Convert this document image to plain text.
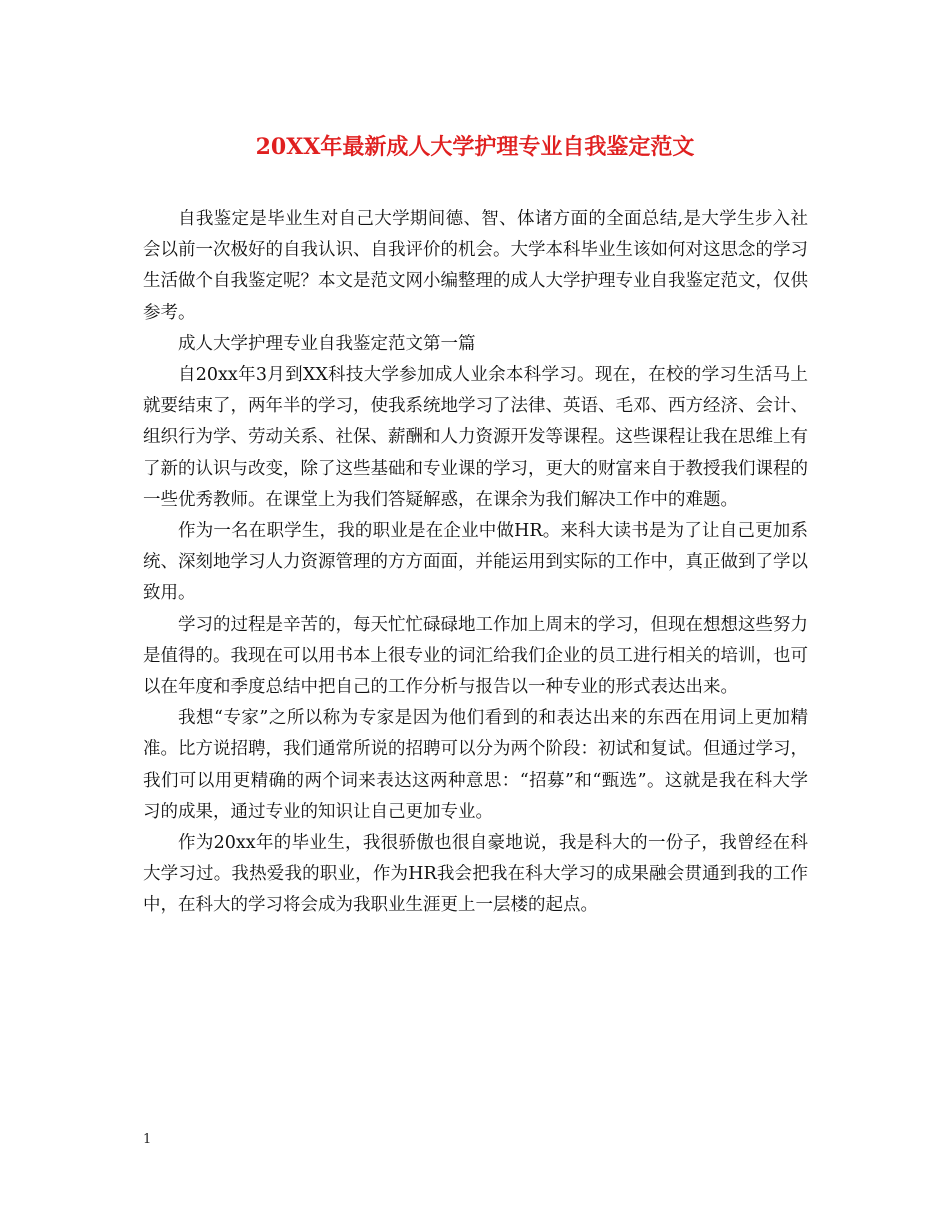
20XX年最新成人大学护理专业自我鉴定范文

自我鉴定是毕业生对自己大学期间德、智、体诸方面的全面总结,是大学生步入社会以前一次极好的自我认识、自我评价的机会。大学本科毕业生该如何对这思念的学习生活做个自我鉴定呢？本文是范文网小编整理的成人大学护理专业自我鉴定范文，仅供参考。

成人大学护理专业自我鉴定范文第一篇

自20xx年3月到XX科技大学参加成人业余本科学习。现在，在校的学习生活马上就要结束了，两年半的学习，使我系统地学习了法律、英语、毛邓、西方经济、会计、组织行为学、劳动关系、社保、薪酬和人力资源开发等课程。这些课程让我在思维上有了新的认识与改变，除了这些基础和专业课的学习，更大的财富来自于教授我们课程的一些优秀教师。在课堂上为我们答疑解惑，在课余为我们解决工作中的难题。

作为一名在职学生，我的职业是在企业中做HR。来科大读书是为了让自己更加系统、深刻地学习人力资源管理的方方面面，并能运用到实际的工作中，真正做到了学以致用。

学习的过程是辛苦的，每天忙忙碌碌地工作加上周末的学习，但现在想想这些努力是值得的。我现在可以用书本上很专业的词汇给我们企业的员工进行相关的培训，也可以在年度和季度总结中把自己的工作分析与报告以一种专业的形式表达出来。

我想“专家”之所以称为专家是因为他们看到的和表达出来的东西在用词上更加精准。比方说招聘，我们通常所说的招聘可以分为两个阶段：初试和复试。但通过学习，我们可以用更精确的两个词来表达这两种意思：“招募”和“甄选”。这就是我在科大学习的成果，通过专业的知识让自己更加专业。

作为20xx年的毕业生，我很骄傲也很自豪地说，我是科大的一份子，我曾经在科大学习过。我热爱我的职业，作为HR我会把我在科大学习的成果融会贯通到我的工作中，在科大的学习将会成为我职业生涯更上一层楼的起点。

1
